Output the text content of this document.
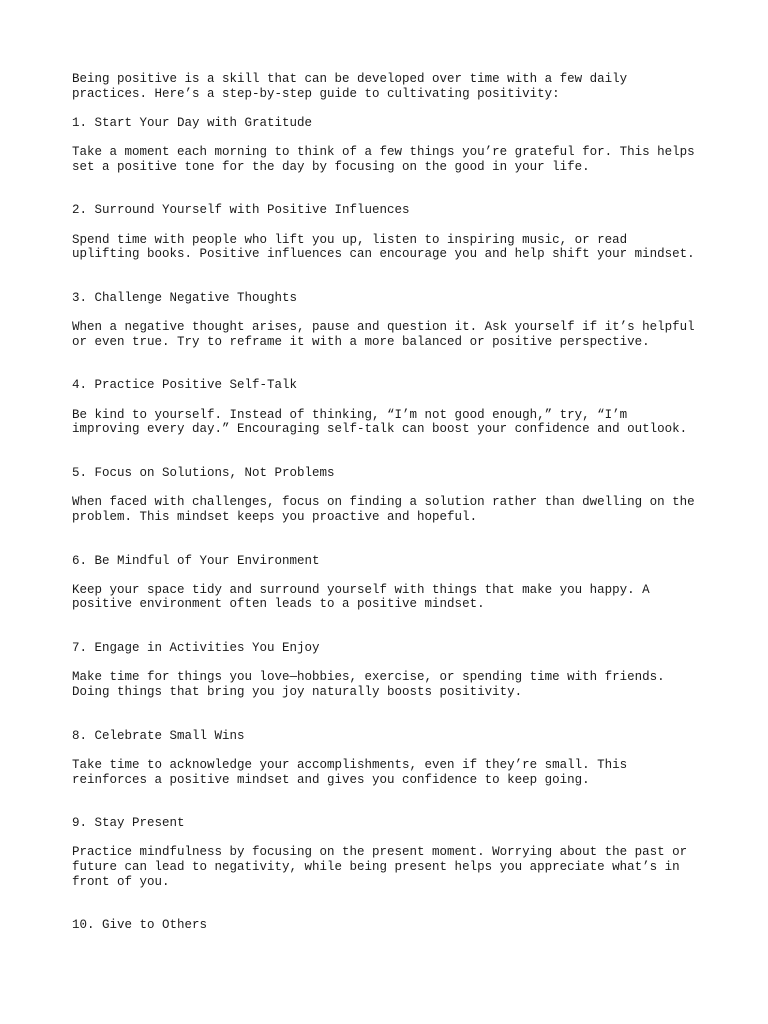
Being positive is a skill that can be developed over time with a few daily
practices. Here’s a step-by-step guide to cultivating positivity:

1. Start Your Day with Gratitude

Take a moment each morning to think of a few things you’re grateful for. This helps
set a positive tone for the day by focusing on the good in your life.

2. Surround Yourself with Positive Influences

Spend time with people who lift you up, listen to inspiring music, or read
uplifting books. Positive influences can encourage you and help shift your mindset.

3. Challenge Negative Thoughts

When a negative thought arises, pause and question it. Ask yourself if it’s helpful
or even true. Try to reframe it with a more balanced or positive perspective.

4. Practice Positive Self-Talk

Be kind to yourself. Instead of thinking, “I’m not good enough,” try, “I’m
improving every day.” Encouraging self-talk can boost your confidence and outlook.

5. Focus on Solutions, Not Problems

When faced with challenges, focus on finding a solution rather than dwelling on the
problem. This mindset keeps you proactive and hopeful.

6. Be Mindful of Your Environment

Keep your space tidy and surround yourself with things that make you happy. A
positive environment often leads to a positive mindset.

7. Engage in Activities You Enjoy

Make time for things you love—hobbies, exercise, or spending time with friends.
Doing things that bring you joy naturally boosts positivity.

8. Celebrate Small Wins

Take time to acknowledge your accomplishments, even if they’re small. This
reinforces a positive mindset and gives you confidence to keep going.

9. Stay Present

Practice mindfulness by focusing on the present moment. Worrying about the past or
future can lead to negativity, while being present helps you appreciate what’s in
front of you.

10. Give to Others
